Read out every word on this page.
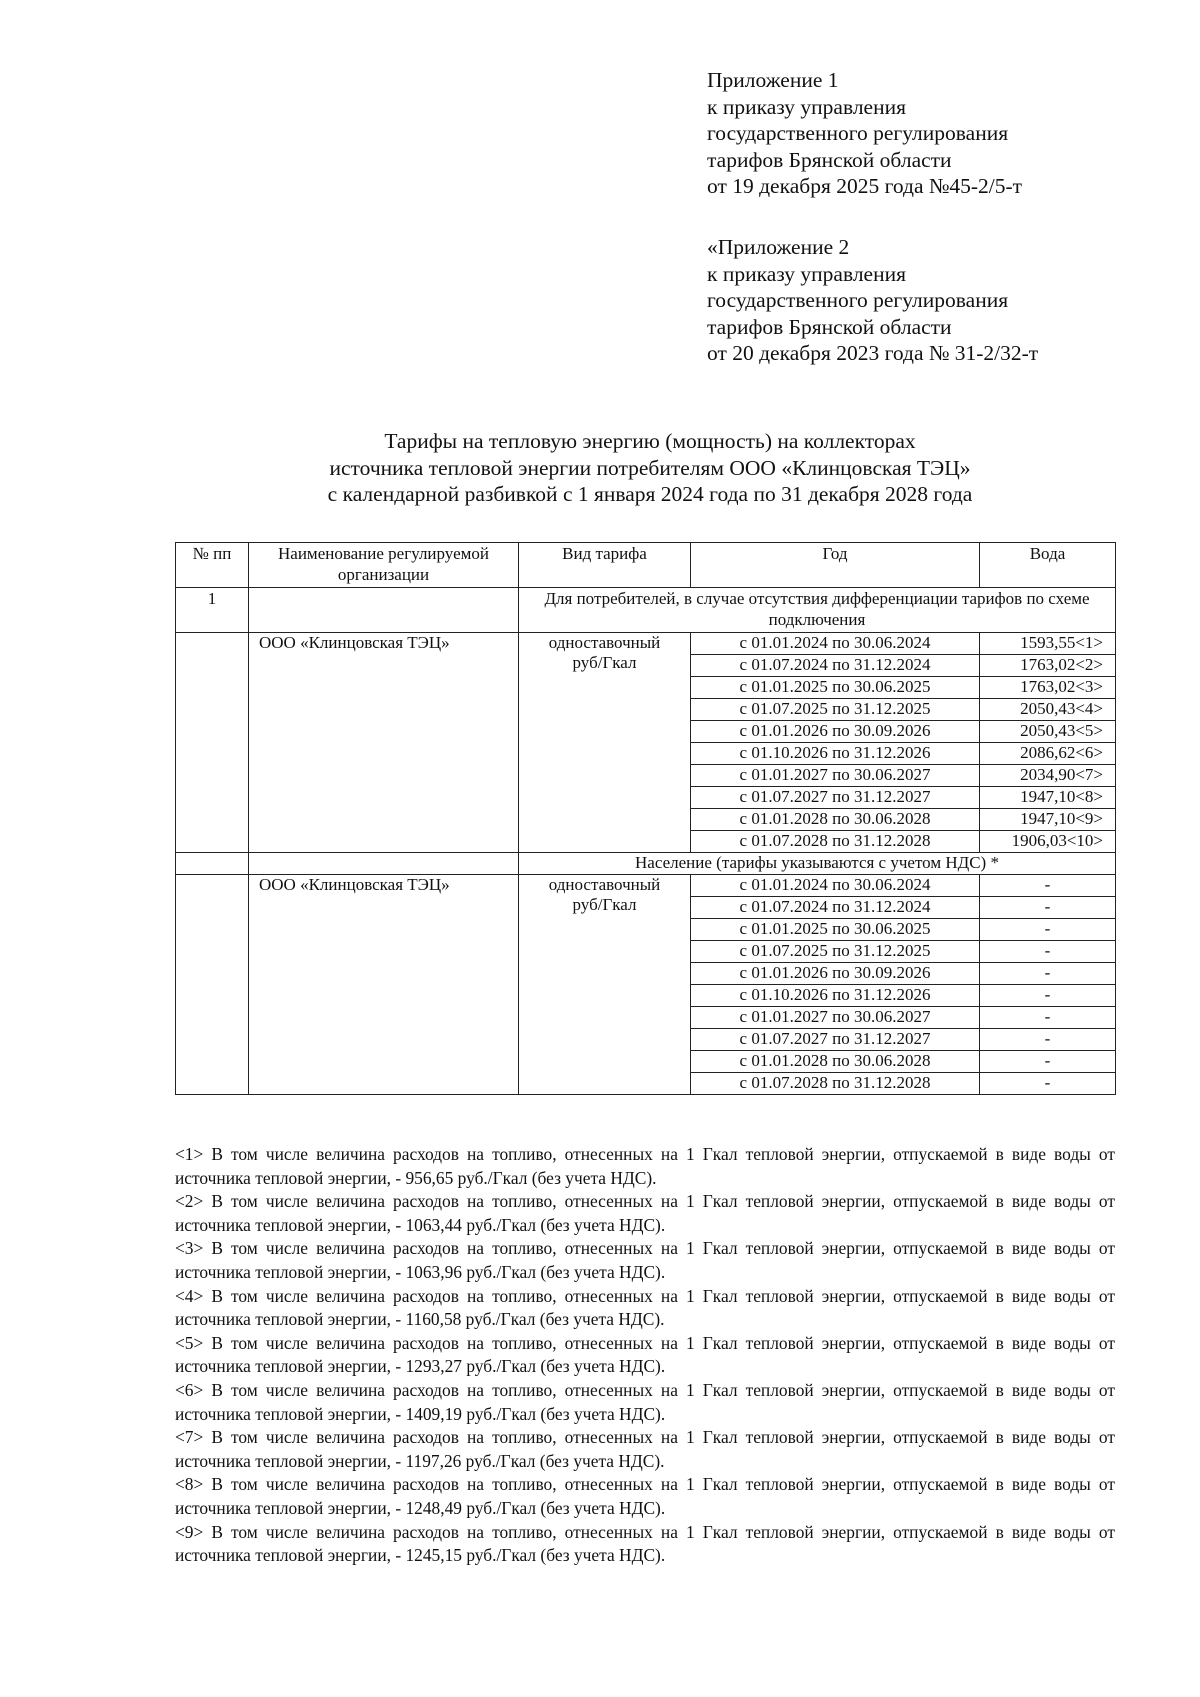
Приложение 1
к приказу управления
государственного регулирования
тарифов Брянской области
от 19 декабря 2025 года №45-2/5-т
«Приложение 2
к приказу управления
государственного регулирования
тарифов Брянской области
от 20 декабря 2023 года № 31-2/32-т
Тарифы на тепловую энергию (мощность) на коллекторах
источника тепловой энергии потребителям ООО «Клинцовская ТЭЦ»
с календарной разбивкой с 1 января 2024 года по 31 декабря 2028 года
№ пп	Наименование регулируемой организации	Вид тарифа	Год	Вода
1		Для потребителей, в случае отсутствия дифференциации тарифов по схеме подключения		
	ООО «Клинцовская ТЭЦ»	одноставочный
руб/Гкал	с 01.01.2024 по 30.06.2024	1593,55<1>
			с 01.07.2024 по 31.12.2024	1763,02<2>
			с 01.01.2025 по 30.06.2025	1763,02<3>
			с 01.07.2025 по 31.12.2025	2050,43<4>
			с 01.01.2026 по 30.09.2026	2050,43<5>
			с 01.10.2026 по 31.12.2026	2086,62<6>
			с 01.01.2027 по 30.06.2027	2034,90<7>
			с 01.07.2027 по 31.12.2027	1947,10<8>
			с 01.01.2028 по 30.06.2028	1947,10<9>
			с 01.07.2028 по 31.12.2028	1906,03<10>
		Население (тарифы указываются с учетом НДС) *		
	ООО «Клинцовская ТЭЦ»	одноставочный
руб/Гкал	с 01.01.2024 по 30.06.2024	-
			с 01.07.2024 по 31.12.2024	-
			с 01.01.2025 по 30.06.2025	-
			с 01.07.2025 по 31.12.2025	-
			с 01.01.2026 по 30.09.2026	-
			с 01.10.2026 по 31.12.2026	-
			с 01.01.2027 по 30.06.2027	-
			с 01.07.2027 по 31.12.2027	-
			с 01.01.2028 по 30.06.2028	-
			с 01.07.2028 по 31.12.2028	-
<1> В том числе величина расходов на топливо, отнесенных на 1 Гкал тепловой энергии, отпускаемой в виде воды от источника тепловой энергии, - 956,65 руб./Гкал (без учета НДС).
<2> В том числе величина расходов на топливо, отнесенных на 1 Гкал тепловой энергии, отпускаемой в виде воды от источника тепловой энергии, - 1063,44 руб./Гкал (без учета НДС).
<3> В том числе величина расходов на топливо, отнесенных на 1 Гкал тепловой энергии, отпускаемой в виде воды от источника тепловой энергии, - 1063,96 руб./Гкал (без учета НДС).
<4> В том числе величина расходов на топливо, отнесенных на 1 Гкал тепловой энергии, отпускаемой в виде воды от источника тепловой энергии, - 1160,58 руб./Гкал (без учета НДС).
<5> В том числе величина расходов на топливо, отнесенных на 1 Гкал тепловой энергии, отпускаемой в виде воды от источника тепловой энергии, - 1293,27 руб./Гкал (без учета НДС).
<6> В том числе величина расходов на топливо, отнесенных на 1 Гкал тепловой энергии, отпускаемой в виде воды от источника тепловой энергии, - 1409,19 руб./Гкал (без учета НДС).
<7> В том числе величина расходов на топливо, отнесенных на 1 Гкал тепловой энергии, отпускаемой в виде воды от источника тепловой энергии, - 1197,26 руб./Гкал (без учета НДС).
<8> В том числе величина расходов на топливо, отнесенных на 1 Гкал тепловой энергии, отпускаемой в виде воды от источника тепловой энергии, - 1248,49 руб./Гкал (без учета НДС).
<9> В том числе величина расходов на топливо, отнесенных на 1 Гкал тепловой энергии, отпускаемой в виде воды от источника тепловой энергии, - 1245,15 руб./Гкал (без учета НДС).
